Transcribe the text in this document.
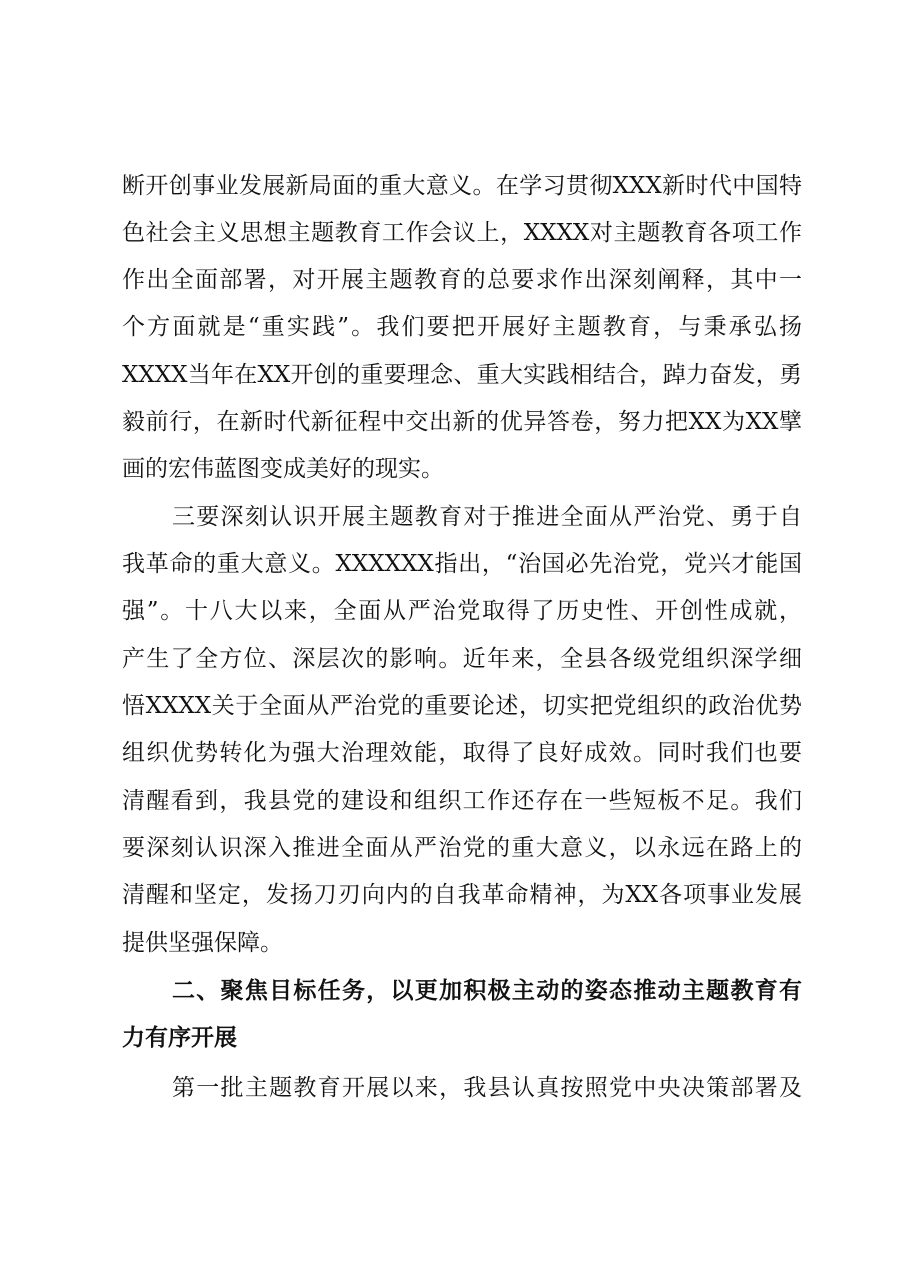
断开创事业发展新局面的重大意义。在学习贯彻XXX新时代中国特
色社会主义思想主题教育工作会议上，XXXX对主题教育各项工作
作出全面部署，对开展主题教育的总要求作出深刻阐释，其中一
个方面就是“重实践”。我们要把开展好主题教育，与秉承弘扬
XXXX当年在XX开创的重要理念、重大实践相结合，踔力奋发，勇
毅前行，在新时代新征程中交出新的优异答卷，努力把XX为XX擘
画的宏伟蓝图变成美好的现实。
三要深刻认识开展主题教育对于推进全面从严治党、勇于自
我革命的重大意义。XXXXXX指出，“治国必先治党，党兴才能国
强”。十八大以来，全面从严治党取得了历史性、开创性成就，
产生了全方位、深层次的影响。近年来，全县各级党组织深学细
悟XXXX关于全面从严治党的重要论述，切实把党组织的政治优势
组织优势转化为强大治理效能，取得了良好成效。同时我们也要
清醒看到，我县党的建设和组织工作还存在一些短板不足。我们
要深刻认识深入推进全面从严治党的重大意义，以永远在路上的
清醒和坚定，发扬刀刃向内的自我革命精神，为XX各项事业发展
提供坚强保障。
二、聚焦目标任务，以更加积极主动的姿态推动主题教育有
力有序开展
第一批主题教育开展以来，我县认真按照党中央决策部署及
